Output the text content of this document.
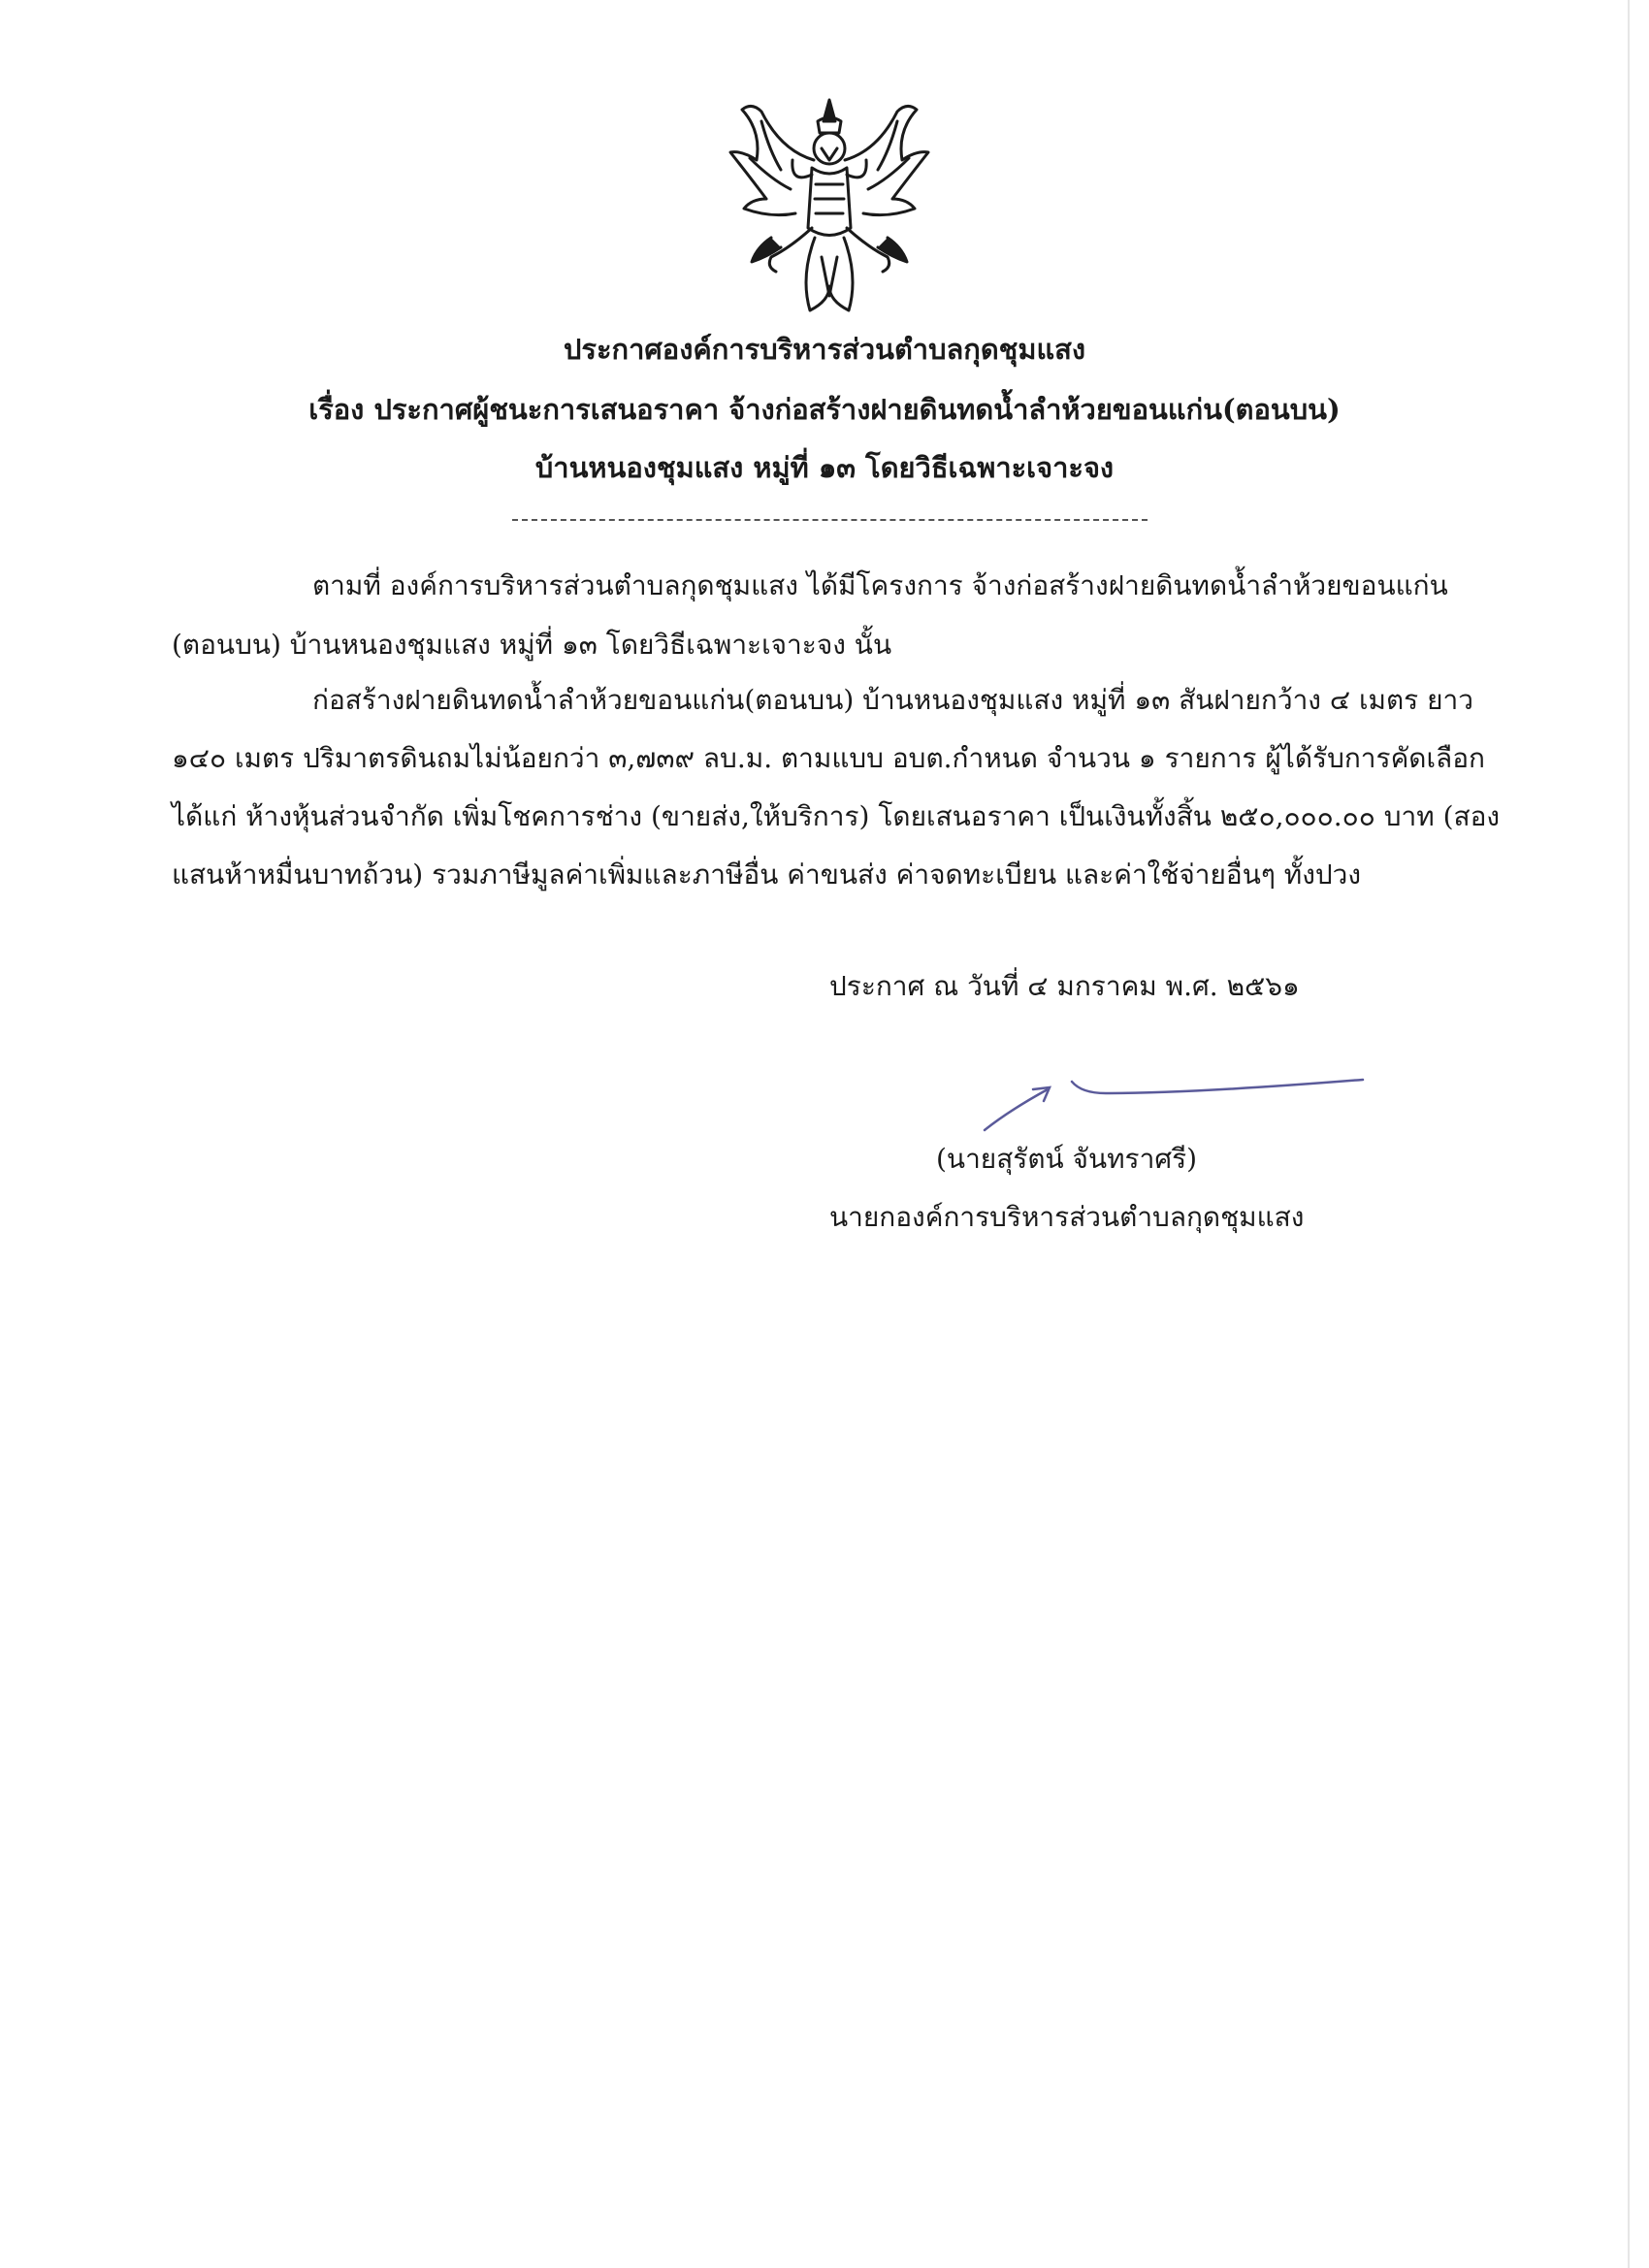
ประกาศองค์การบริหารส่วนตำบลกุดชุมแสง
เรื่อง ประกาศผู้ชนะการเสนอราคา จ้างก่อสร้างฝายดินทดน้ำลำห้วยขอนแก่น(ตอนบน)
บ้านหนองชุมแสง หมู่ที่ ๑๓ โดยวิธีเฉพาะเจาะจง
ตามที่ องค์การบริหารส่วนตำบลกุดชุมแสง ได้มีโครงการ จ้างก่อสร้างฝายดินทดน้ำลำห้วยขอนแก่น
(ตอนบน) บ้านหนองชุมแสง หมู่ที่ ๑๓ โดยวิธีเฉพาะเจาะจง นั้น
ก่อสร้างฝายดินทดน้ำลำห้วยขอนแก่น(ตอนบน) บ้านหนองชุมแสง หมู่ที่ ๑๓ สันฝายกว้าง ๔ เมตร ยาว
๑๔๐ เมตร ปริมาตรดินถมไม่น้อยกว่า ๓,๗๓๙ ลบ.ม. ตามแบบ อบต.กำหนด จำนวน ๑ รายการ ผู้ได้รับการคัดเลือก
ได้แก่ ห้างหุ้นส่วนจำกัด เพิ่มโชคการช่าง (ขายส่ง,ให้บริการ) โดยเสนอราคา เป็นเงินทั้งสิ้น ๒๕๐,๐๐๐.๐๐ บาท (สอง
แสนห้าหมื่นบาทถ้วน) รวมภาษีมูลค่าเพิ่มและภาษีอื่น ค่าขนส่ง ค่าจดทะเบียน และค่าใช้จ่ายอื่นๆ ทั้งปวง
ประกาศ ณ วันที่ ๔ มกราคม พ.ศ. ๒๕๖๑
(นายสุรัตน์ จันทราศรี)
นายกองค์การบริหารส่วนตำบลกุดชุมแสง
